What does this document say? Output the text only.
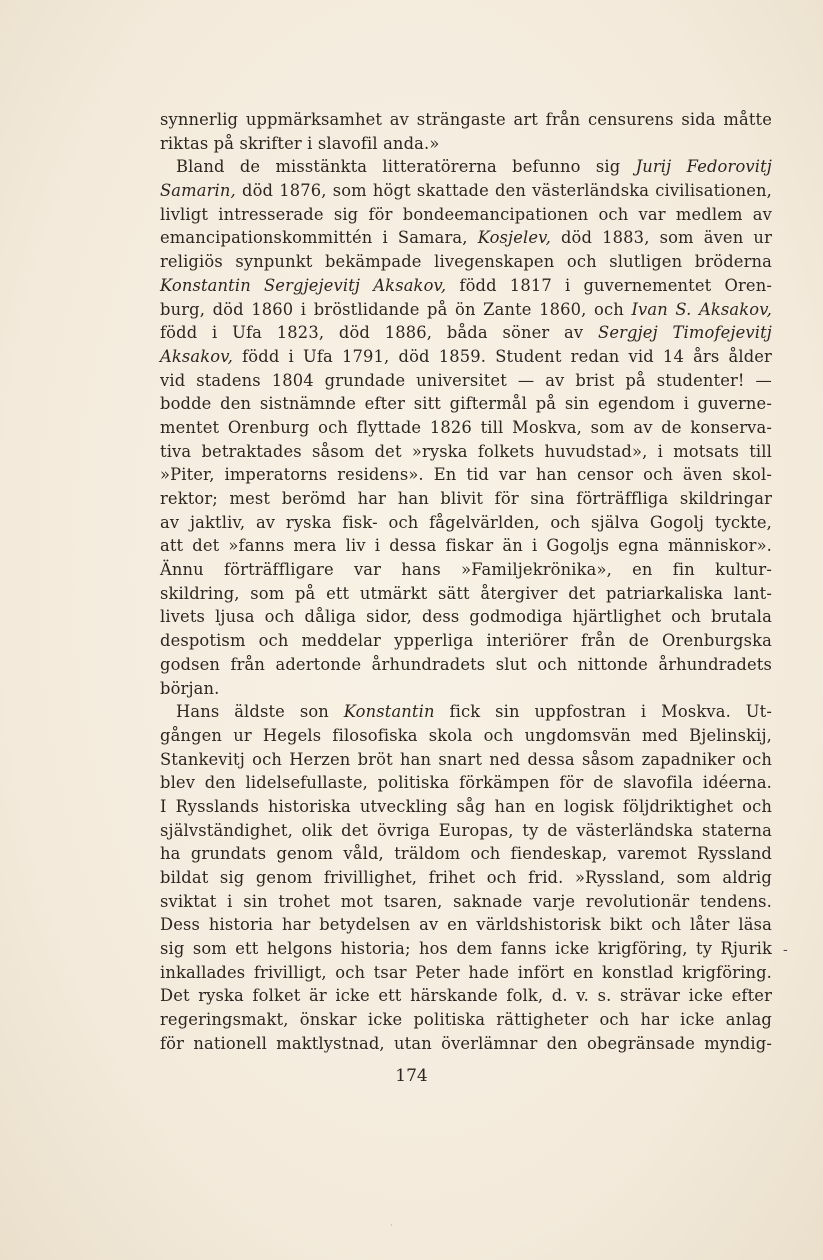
synnerlig uppmärksamhet av strängaste art från censurens sida måtte
riktas på skrifter i slavofil anda.»
Bland de misstänkta litteratörerna befunno sig Jurij Fedorovitj
Samarin, död 1876, som högt skattade den västerländska civilisationen,
livligt intresserade sig för bondeemancipationen och var medlem av
emancipationskommittén i Samara, Kosjelev, död 1883, som även ur
religiös synpunkt bekämpade livegenskapen och slutligen bröderna
Konstantin Sergjejevitj Aksakov, född 1817 i guvernementet Oren-
burg, död 1860 i bröstlidande på ön Zante 1860, och Ivan S. Aksakov,
född i Ufa 1823, död 1886, båda söner av Sergjej Timofejevitj
Aksakov, född i Ufa 1791, död 1859. Student redan vid 14 års ålder
vid stadens 1804 grundade universitet — av brist på studenter! —
bodde den sistnämnde efter sitt giftermål på sin egendom i guverne-
mentet Orenburg och flyttade 1826 till Moskva, som av de konserva-
tiva betraktades såsom det »ryska folkets huvudstad», i motsats till
»Piter, imperatorns residens». En tid var han censor och även skol-
rektor; mest berömd har han blivit för sina förträffliga skildringar
av jaktliv, av ryska fisk- och fågelvärlden, och själva Gogolj tyckte,
att det »fanns mera liv i dessa fiskar än i Gogoljs egna människor».
Ännu förträffligare var hans »Familjekrönika», en fin kultur-
skildring, som på ett utmärkt sätt återgiver det patriarkaliska lant-
livets ljusa och dåliga sidor, dess godmodiga hjärtlighet och brutala
despotism och meddelar ypperliga interiörer från de Orenburgska
godsen från adertonde århundradets slut och nittonde århundradets
början.
Hans äldste son Konstantin fick sin uppfostran i Moskva. Ut-
gången ur Hegels filosofiska skola och ungdomsvän med Bjelinskij,
Stankevitj och Herzen bröt han snart ned dessa såsom zapadniker och
blev den lidelsefullaste, politiska förkämpen för de slavofila idéerna.
I Rysslands historiska utveckling såg han en logisk följdriktighet och
självständighet, olik det övriga Europas, ty de västerländska staterna
ha grundats genom våld, träldom och fiendeskap, varemot Ryssland
bildat sig genom frivillighet, frihet och frid. »Ryssland, som aldrig
sviktat i sin trohet mot tsaren, saknade varje revolutionär tendens.
Dess historia har betydelsen av en världshistorisk bikt och låter läsa
sig som ett helgons historia; hos dem fanns icke krigföring, ty Rjurik
inkallades frivilligt, och tsar Peter hade infört en konstlad krigföring.
Det ryska folket är icke ett härskande folk, d. v. s. strävar icke efter
regeringsmakt, önskar icke politiska rättigheter och har icke anlag
för nationell maktlystnad, utan överlämnar den obegränsade myndig-
-
174
·
